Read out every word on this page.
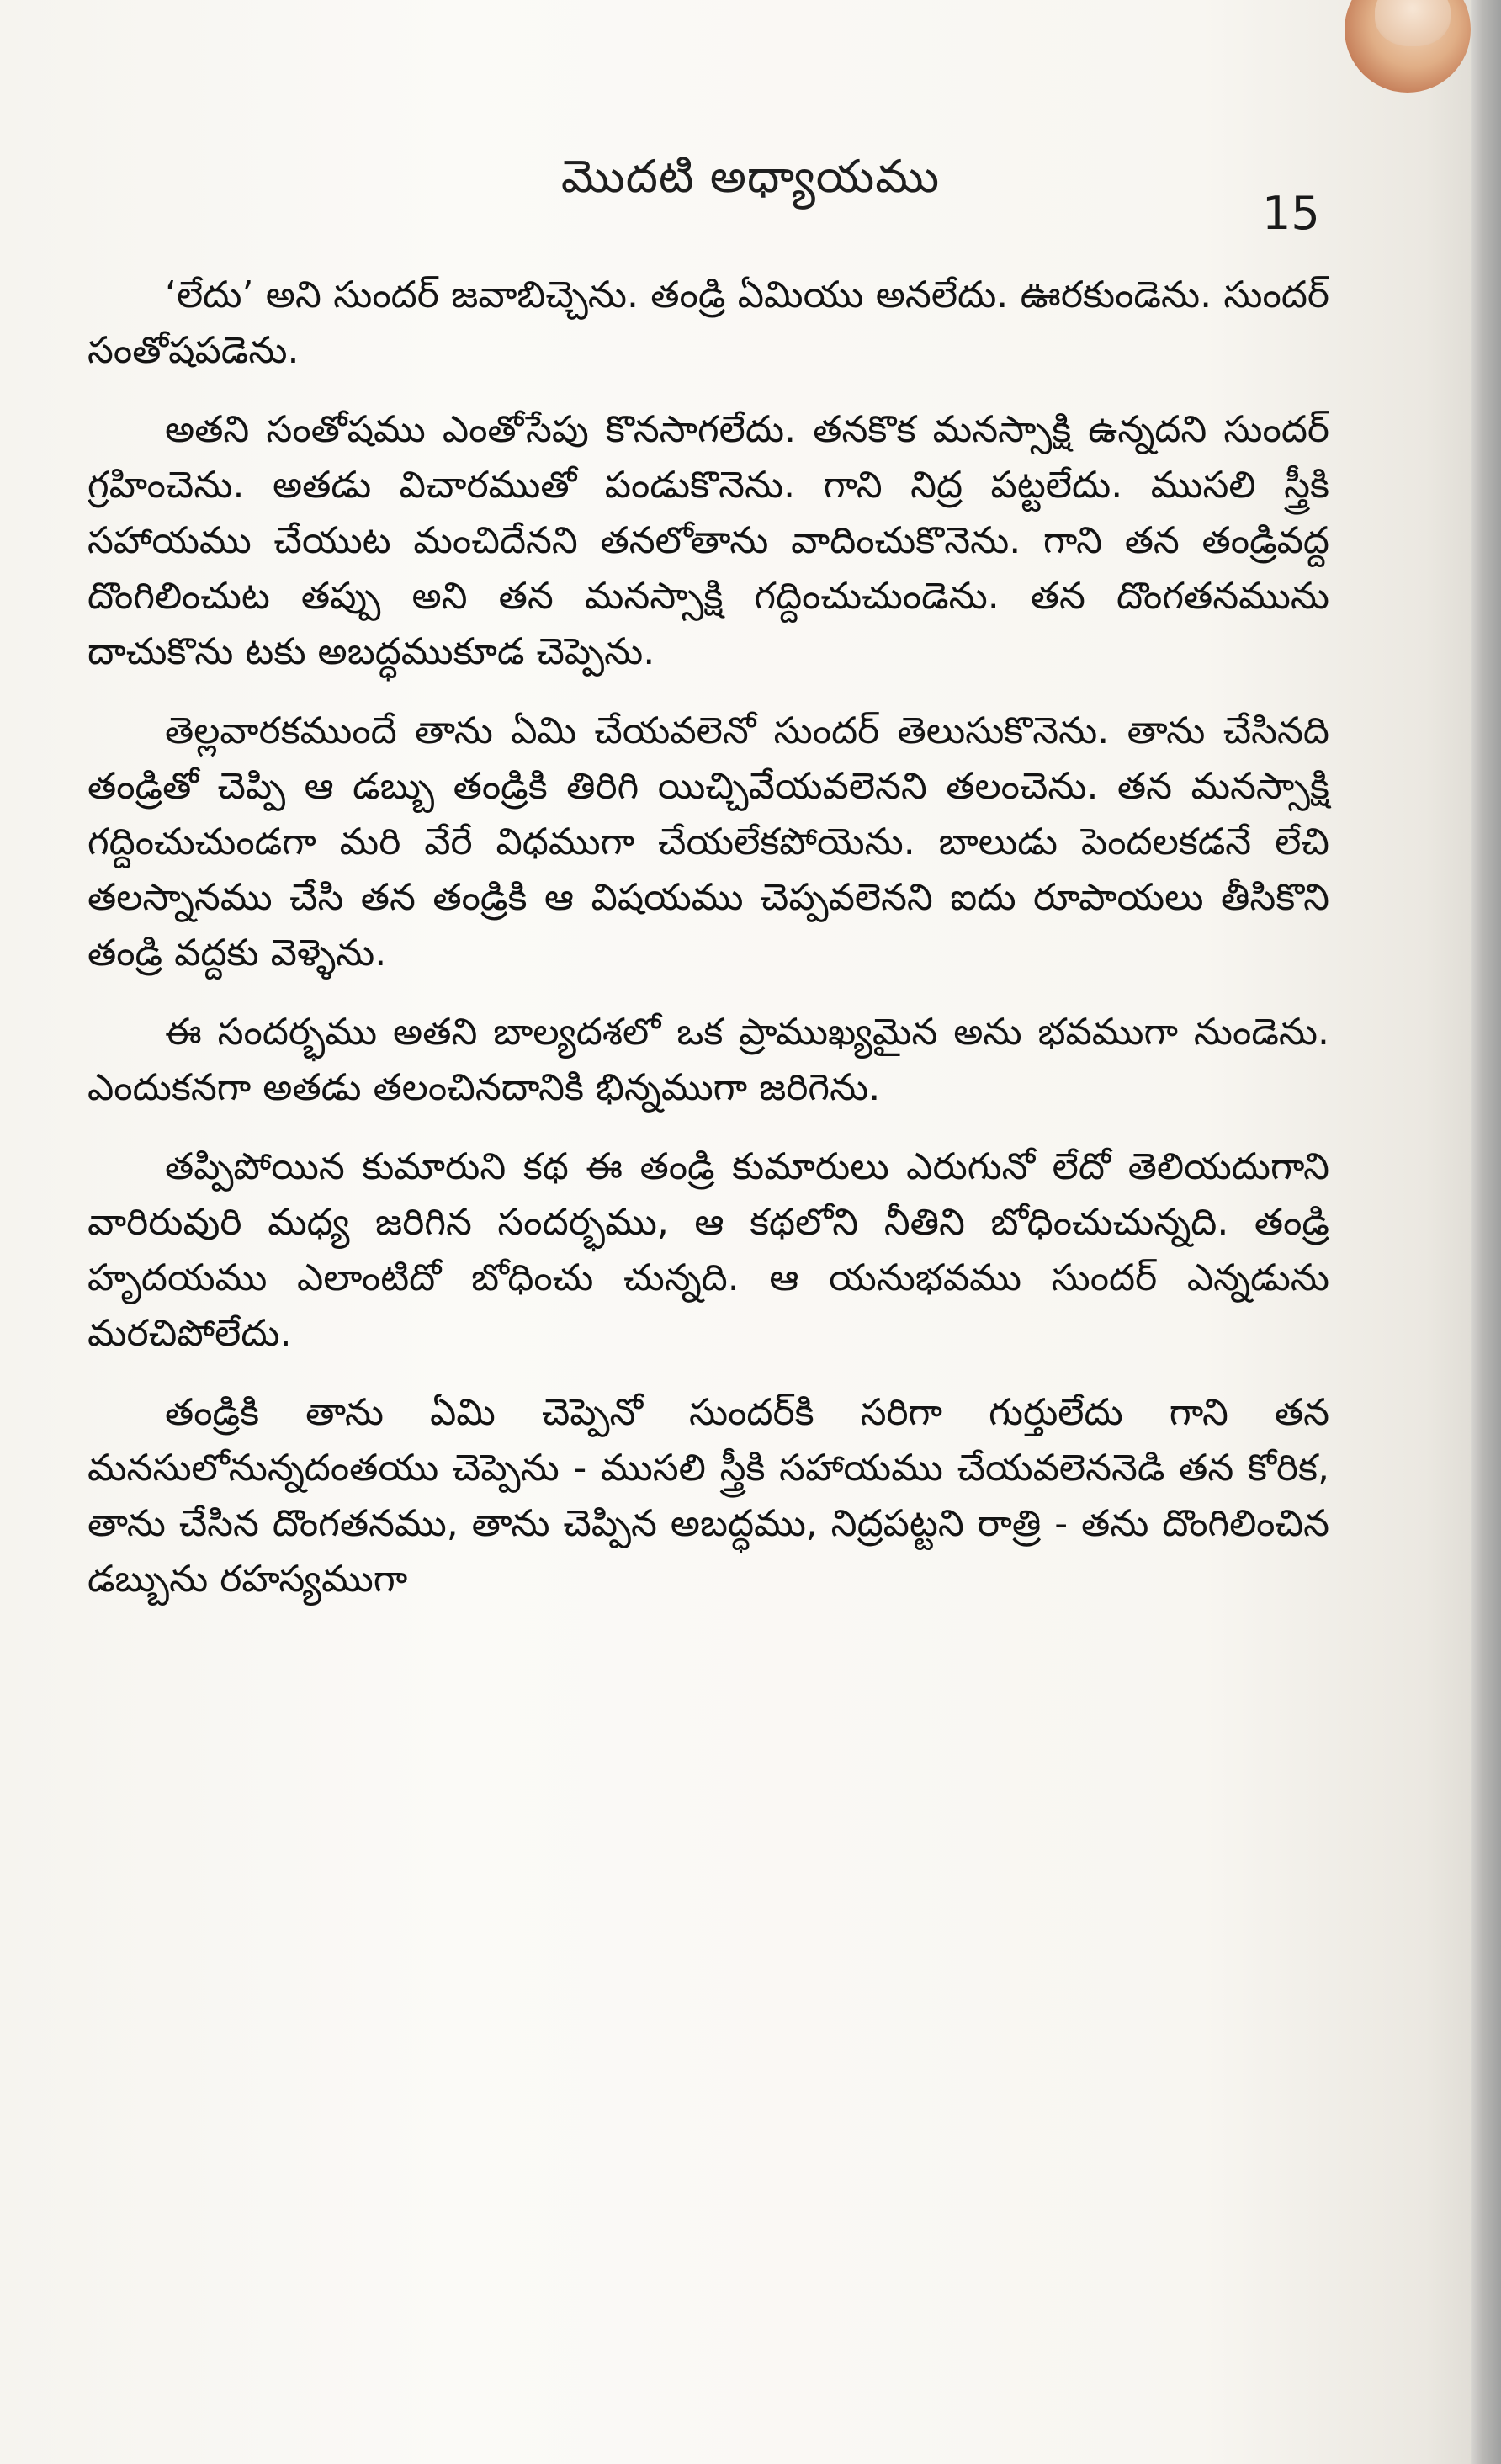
మొదటి అధ్యాయము
15

‘లేదు’ అని సుందర్ జవాబిచ్చెను. తండ్రి ఏమియు అనలేదు. ఊరకుండెను. సుందర్ సంతోషపడెను.

అతని సంతోషము ఎంతోసేపు కొనసాగలేదు. తనకొక మనస్సాక్షి ఉన్నదని సుందర్ గ్రహించెను. అతడు విచారముతో పండుకొనెను. గాని నిద్ర పట్టలేదు. ముసలి స్త్రీకి సహాయము చేయుట మంచిదేనని తనలోతాను వాదించుకొనెను. గాని తన తండ్రివద్ద దొంగిలించుట తప్పు అని తన మనస్సాక్షి గద్దించుచుండెను. తన దొంగతనమును దాచుకొను టకు అబద్ధముకూడ చెప్పెను.

తెల్లవారకముందే తాను ఏమి చేయవలెనో సుందర్ తెలుసుకొనెను. తాను చేసినది తండ్రితో చెప్పి ఆ డబ్బు తండ్రికి తిరిగి యిచ్చివేయవలెనని తలంచెను. తన మనస్సాక్షి గద్దించుచుండగా మరి వేరే విధముగా చేయలేకపోయెను. బాలుడు పెందలకడనే లేచి తలస్నానము చేసి తన తండ్రికి ఆ విషయము చెప్పవలెనని ఐదు రూపాయలు తీసికొని తండ్రి వద్దకు వెళ్ళెను.

ఈ సందర్భము అతని బాల్యదశలో ఒక ప్రాముఖ్యమైన అను భవముగా నుండెను. ఎందుకనగా అతడు తలంచినదానికి భిన్నముగా జరిగెను.

తప్పిపోయిన కుమారుని కథ ఈ తండ్రి కుమారులు ఎరుగునో లేదో తెలియదుగాని వారిరువురి మధ్య జరిగిన సందర్భము, ఆ కథలోని నీతిని బోధించుచున్నది. తండ్రి హృదయము ఎలాంటిదో బోధించు చున్నది. ఆ యనుభవము సుందర్ ఎన్నడును మరచిపోలేదు.

తండ్రికి తాను ఏమి చెప్పెనో సుందర్‌కి సరిగా గుర్తులేదు గాని తన మనసులోనున్నదంతయు చెప్పెను - ముసలి స్త్రీకి సహాయము చేయవలెననెడి తన కోరిక, తాను చేసిన దొంగతనము, తాను చెప్పిన అబద్ధము, నిద్రపట్టని రాత్రి - తను దొంగిలించిన డబ్బును రహస్యముగా
